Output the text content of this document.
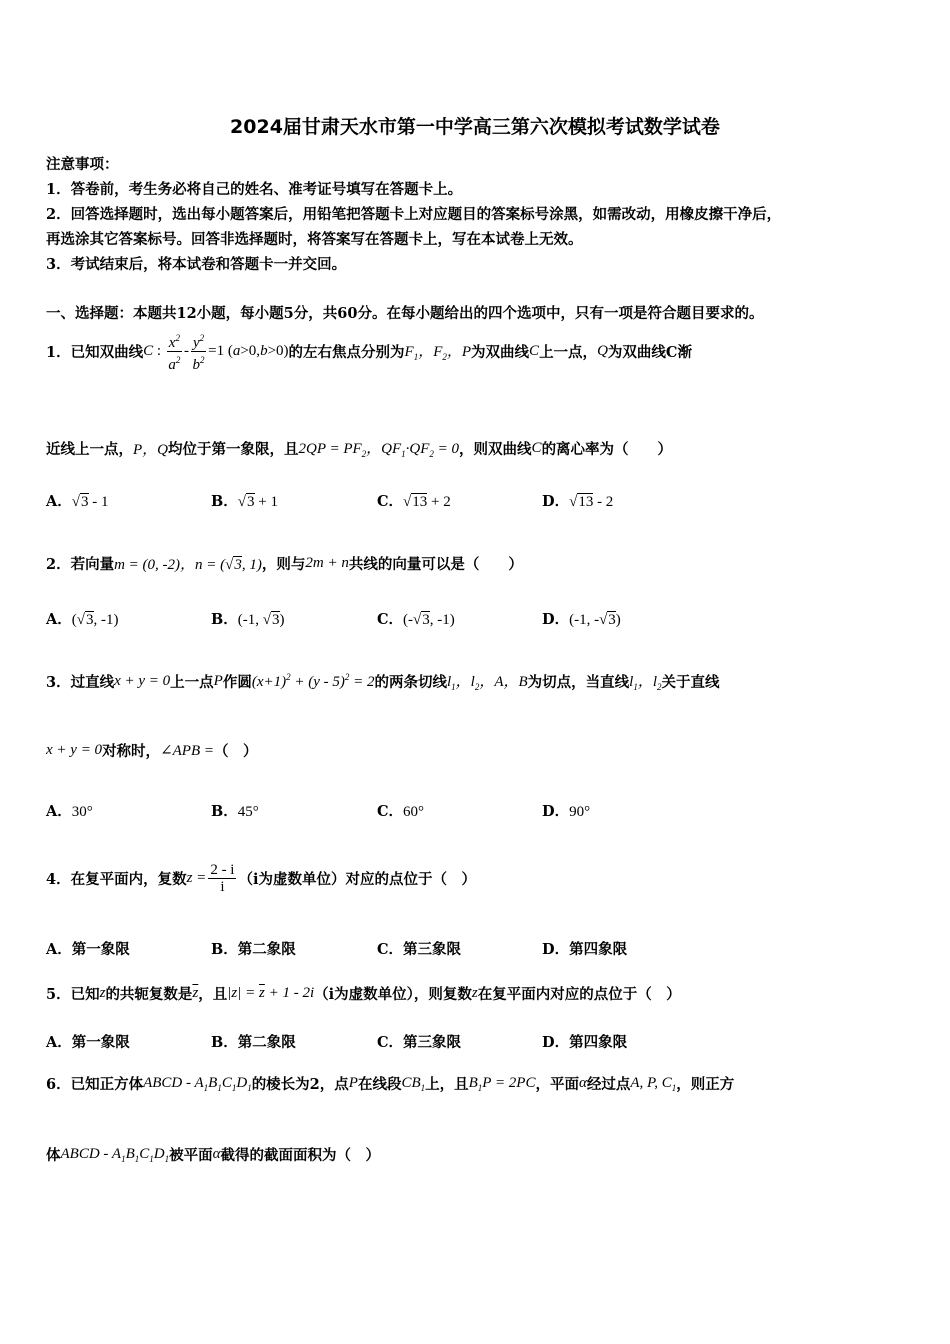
2024届甘肃天水市第一中学高三第六次模拟考试数学试卷
注意事项：
1．答卷前，考生务必将自己的姓名、准考证号填写在答题卡上。
2．回答选择题时，选出每小题答案后，用铅笔把答题卡上对应题目的答案标号涂黑，如需改动，用橡皮擦干净后，
再选涂其它答案标号。回答非选择题时，将答案写在答题卡上，写在本试卷上无效。
3．考试结束后，将本试卷和答题卡一并交回。
一、选择题：本题共12小题，每小题5分，共60分。在每小题给出的四个选项中，只有一项是符合题目要求的。
1．已知双曲线 C : $\frac{x^2}{a^2} - \frac{y^2}{b^2} =1$ (a>0,b>0) 的左右焦点分别为 $F_1$，$F_2$，P 为双曲线 C 上一点， Q 为双曲线C渐
近线上一点， P，Q 均位于第一象限，且 $2QP = PF_2$，$QF_1\cdot QF_2 = 0$ ，则双曲线 C 的离心率为（　　）
A．√3 - 1	B．√3 + 1	C．√13 + 2	D．√13 - 2
2．若向量 m = (0, -2)，n = (√3, 1) ，则与 2m + n 共线的向量可以是（　　）
A．(√3, -1)	B．(-1, √3)	C．(-√3, -1)	D．(-1, -√3)
3．过直线 x + y = 0 上一点 P 作圆 $(x+1)^2 + (y - 5)^2 = 2$ 的两条切线 $l_1$，$l_2$，A，B 为切点，当直线 $l_1$，$l_2$ 关于直线
x + y = 0 对称时， ∠APB = （　）
A．30°	B．45°	C．60°	D．90°
4．在复平面内，复数 $z = \frac{2 - i}{i} (i$为虚数单位）对应的点位于（　）
A．第一象限	B．第二象限	C．第三象限	D．第四象限
5．已知 z 的共轭复数是 $\overline{z}$ ，且 $|z| = \overline{z} + 1 - 2i$ （i为虚数单位），则复数 z 在复平面内对应的点位于（　）
A．第一象限	B．第二象限	C．第三象限	D．第四象限
6．已知正方体 ABCD - $A_1B_1C_1D_1$ 的棱长为2，点 P 在线段 $CB_1$ 上，且 $B_1P = 2PC$ ，平面 α 经过点 A, P, $C_1$ ，则正方
体 ABCD - $A_1B_1C_1D_1$ 被平面 α 截得的截面面积为（　）
